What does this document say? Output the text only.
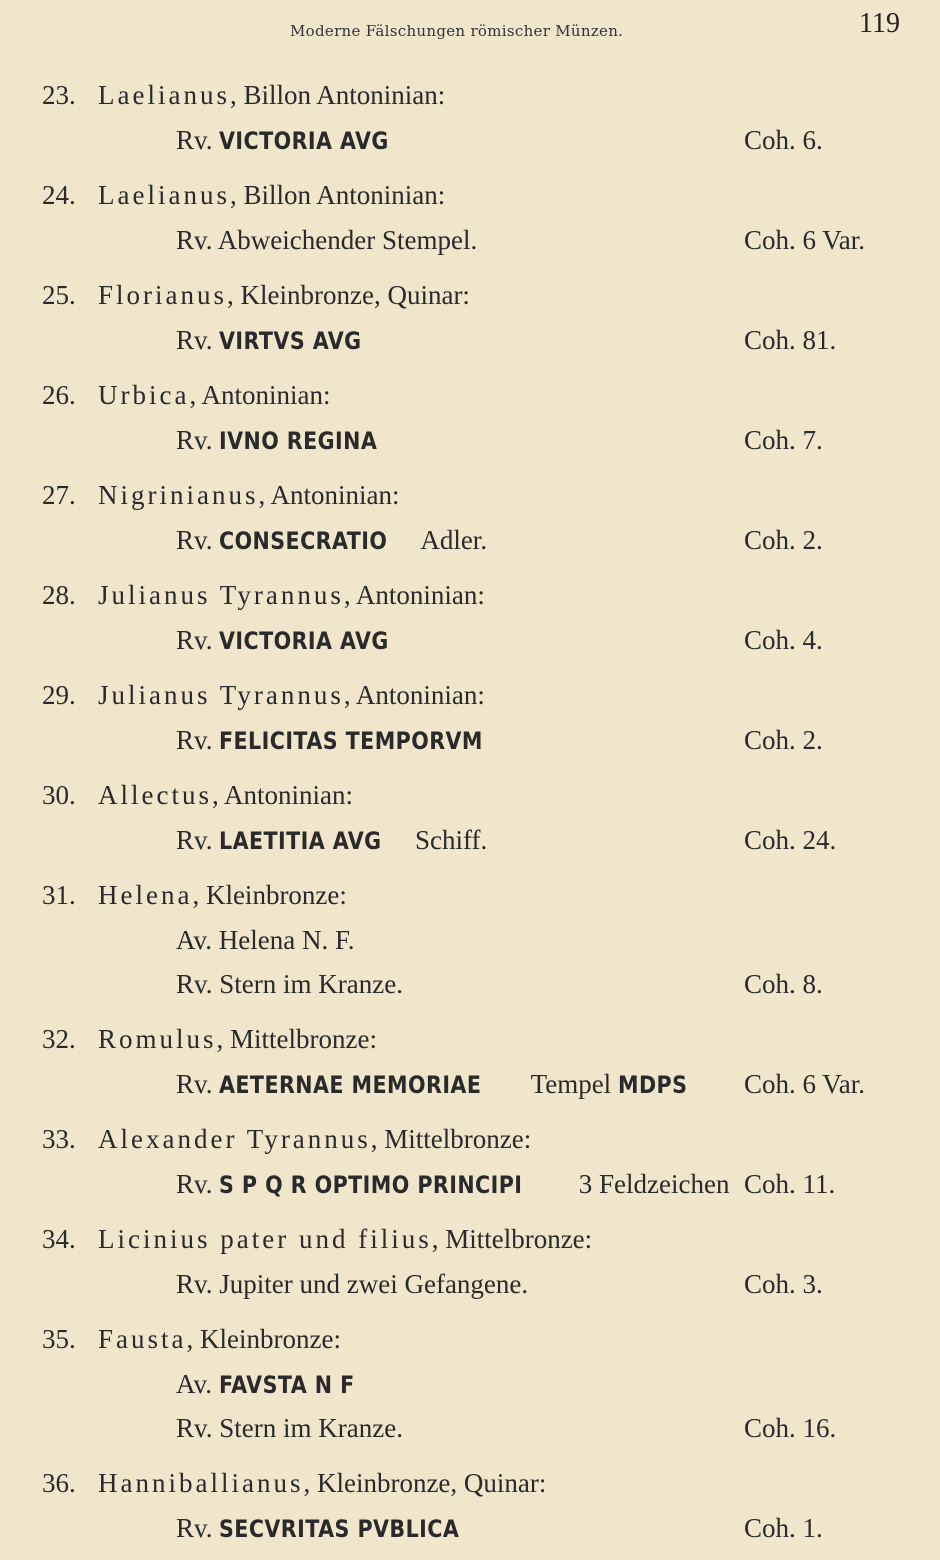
Moderne Fälschungen römischer Münzen.	119
23. Laelianus, Billon Antoninian:
Rv. VICTORIA AVG	Coh. 6.
24. Laelianus, Billon Antoninian:
Rv. Abweichender Stempel.	Coh. 6 Var.
25. Florianus, Kleinbronze, Quinar:
Rv. VIRTVS AVG	Coh. 81.
26. Urbica, Antoninian:
Rv. IVNO REGINA	Coh. 7.
27. Nigrinianus, Antoninian:
Rv. CONSECRATIO Adler.	Coh. 2.
28. Julianus Tyrannus, Antoninian:
Rv. VICTORIA AVG	Coh. 4.
29. Julianus Tyrannus, Antoninian:
Rv. FELICITAS TEMPORVM	Coh. 2.
30. Allectus, Antoninian:
Rv. LAETITIA AVG Schiff.	Coh. 24.
31. Helena, Kleinbronze:
Av. Helena N. F.
Rv. Stern im Kranze.	Coh. 8.
32. Romulus, Mittelbronze:
Rv. AETERNAE MEMORIAE Tempel MDPS	Coh. 6 Var.
33. Alexander Tyrannus, Mittelbronze:
Rv. S P Q R OPTIMO PRINCIPI 3 Feldzeichen Coh. 11.
34. Licinius pater und filius, Mittelbronze:
Rv. Jupiter und zwei Gefangene.	Coh. 3.
35. Fausta, Kleinbronze:
Av. FAVSTA N F
Rv. Stern im Kranze.	Coh. 16.
36. Hanniballianus, Kleinbronze, Quinar:
Rv. SECVRITAS PVBLICA	Coh. 1.
